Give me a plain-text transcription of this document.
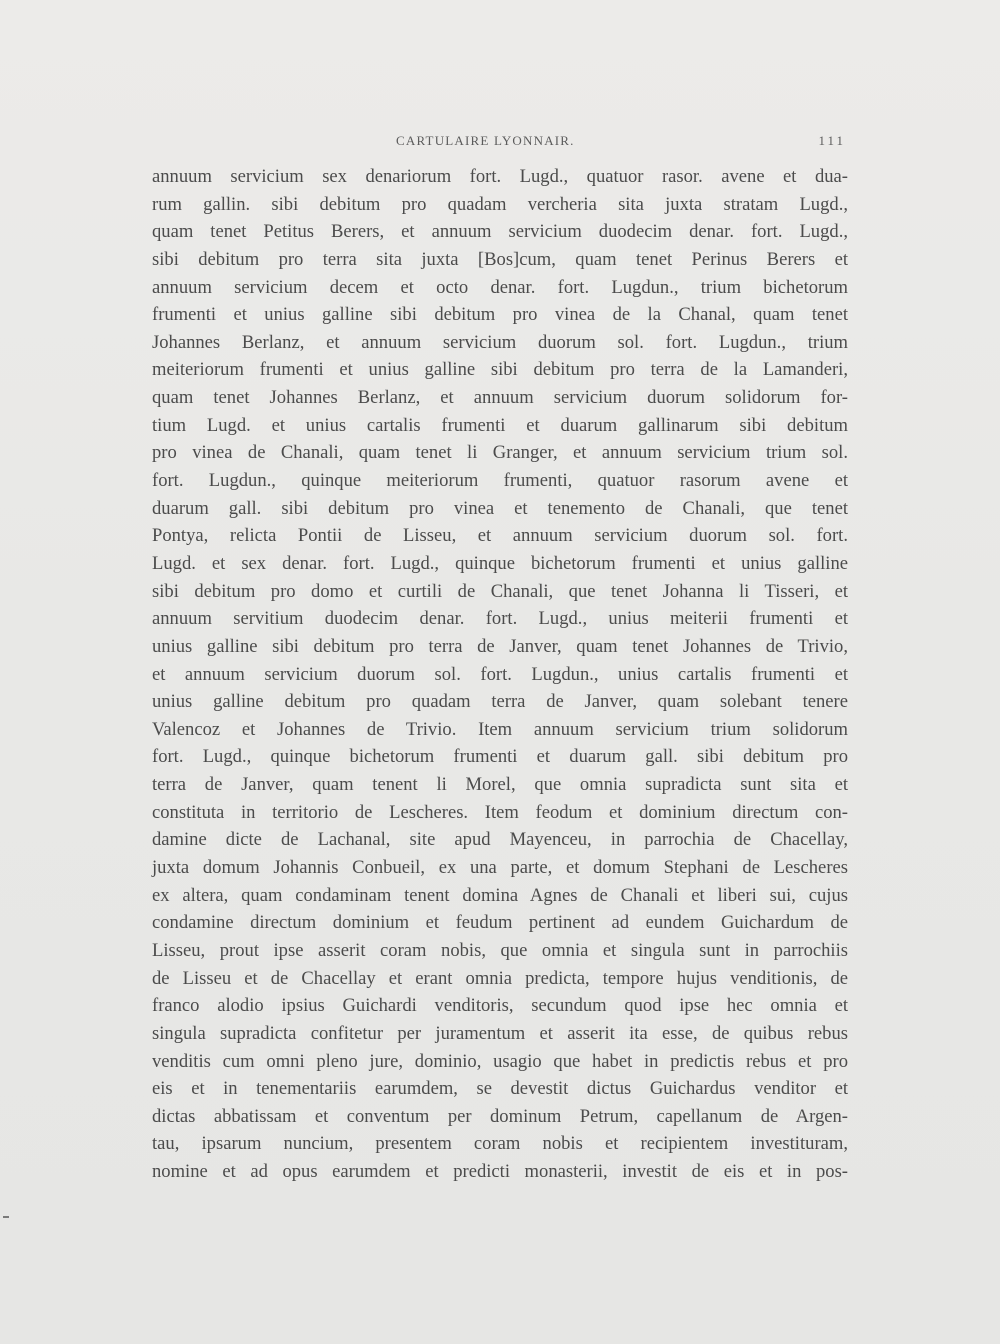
CARTULAIRE LYONNAIR.	111
annuum servicium sex denariorum fort. Lugd., quatuor rasor. avene et dua-
rum gallin. sibi debitum pro quadam vercheria sita juxta stratam Lugd.,
quam tenet Petitus Berers, et annuum servicium duodecim denar. fort. Lugd.,
sibi debitum pro terra sita juxta [Bos]cum, quam tenet Perinus Berers et
annuum servicium decem et octo denar. fort. Lugdun., trium bichetorum
frumenti et unius galline sibi debitum pro vinea de la Chanal, quam tenet
Johannes Berlanz, et annuum servicium duorum sol. fort. Lugdun., trium
meiteriorum frumenti et unius galline sibi debitum pro terra de la Lamanderi,
quam tenet Johannes Berlanz, et annuum servicium duorum solidorum for-
tium Lugd. et unius cartalis frumenti et duarum gallinarum sibi debitum
pro vinea de Chanali, quam tenet li Granger, et annuum servicium trium sol.
fort. Lugdun., quinque meiteriorum frumenti, quatuor rasorum avene et
duarum gall. sibi debitum pro vinea et tenemento de Chanali, que tenet
Pontya, relicta Pontii de Lisseu, et annuum servicium duorum sol. fort.
Lugd. et sex denar. fort. Lugd., quinque bichetorum frumenti et unius galline
sibi debitum pro domo et curtili de Chanali, que tenet Johanna li Tisseri, et
annuum servitium duodecim denar. fort. Lugd., unius meiterii frumenti et
unius galline sibi debitum pro terra de Janver, quam tenet Johannes de Trivio,
et annuum servicium duorum sol. fort. Lugdun., unius cartalis frumenti et
unius galline debitum pro quadam terra de Janver, quam solebant tenere
Valencoz et Johannes de Trivio. Item annuum servicium trium solidorum
fort. Lugd., quinque bichetorum frumenti et duarum gall. sibi debitum pro
terra de Janver, quam tenent li Morel, que omnia supradicta sunt sita et
constituta in territorio de Lescheres. Item feodum et dominium directum con-
damine dicte de Lachanal, site apud Mayenceu, in parrochia de Chacellay,
juxta domum Johannis Conbueil, ex una parte, et domum Stephani de Lescheres
ex altera, quam condaminam tenent domina Agnes de Chanali et liberi sui, cujus
condamine directum dominium et feudum pertinent ad eundem Guichardum de
Lisseu, prout ipse asserit coram nobis, que omnia et singula sunt in parrochiis
de Lisseu et de Chacellay et erant omnia predicta, tempore hujus venditionis, de
franco alodio ipsius Guichardi venditoris, secundum quod ipse hec omnia et
singula supradicta confitetur per juramentum et asserit ita esse, de quibus rebus
venditis cum omni pleno jure, dominio, usagio que habet in predictis rebus et pro
eis et in tenementariis earumdem, se devestit dictus Guichardus venditor et
dictas abbatissam et conventum per dominum Petrum, capellanum de Argen-
tau, ipsarum nuncium, presentem coram nobis et recipientem investituram,
nomine et ad opus earumdem et predicti monasterii, investit de eis et in pos-
